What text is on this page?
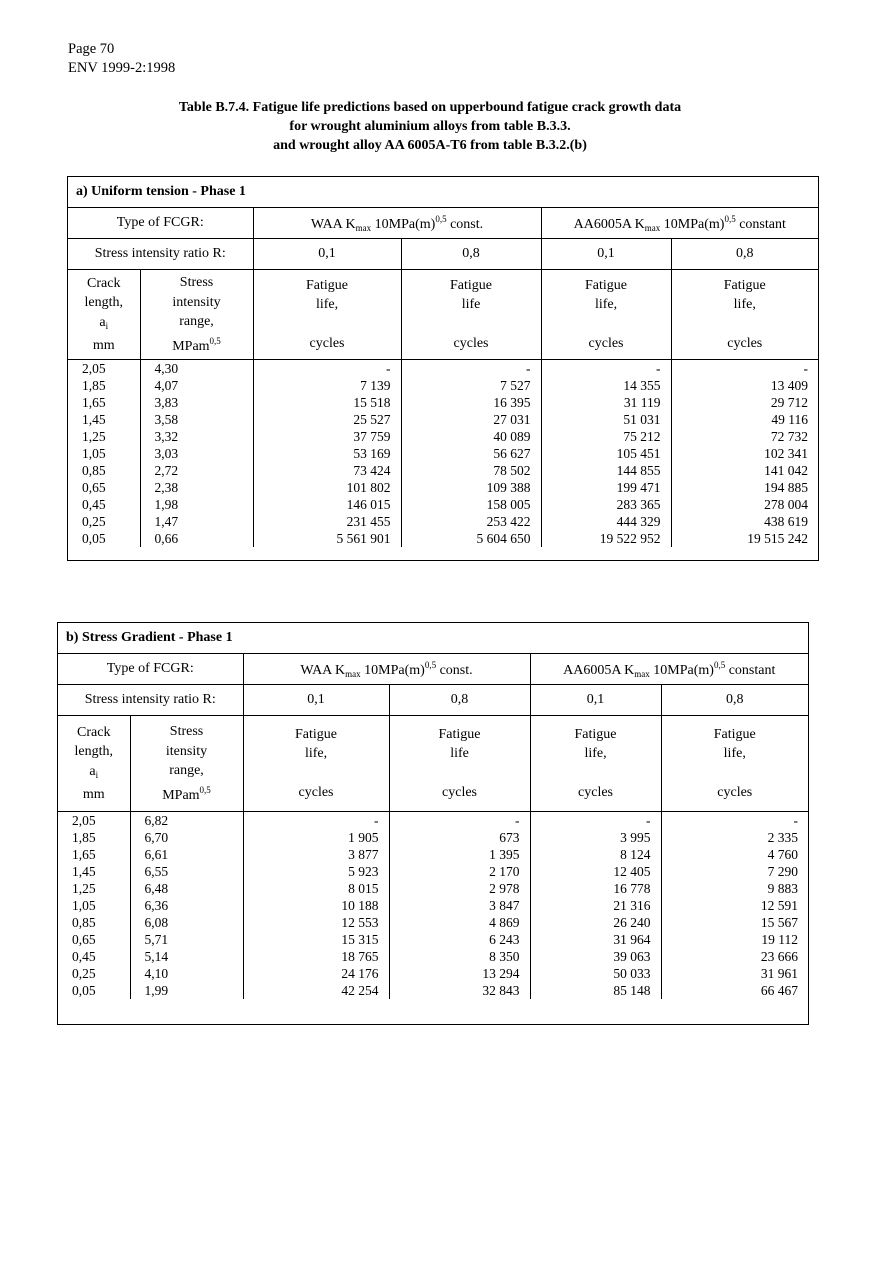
Page 70
ENV 1999-2:1998
Table B.7.4. Fatigue life predictions based on upperbound fatigue crack growth data
for wrought aluminium alloys from table B.3.3.
and wrought alloy AA 6005A-T6 from table B.3.2.(b)
a) Uniform tension - Phase 1
Type of FCGR:		WAA $K_{max}$ $10MPa(m)^{0,5}$ const.		AA6005A $K_{max}$ $10MPa(m)^{0,5}$ constant	
Stress intensity ratio R:		0,1	0,8	0,1	0,8

Crack
length,
$a_i$
mm	Stress
intensity
range,
MPam$^{0,5}$	Fatigue
life,

cycles	Fatigue
life

cycles	Fatigue
life,

cycles	Fatigue
life,

cycles

2,05	4,30	-	-	-	-
1,85	4,07	7 139	7 527	14 355	13 409
1,65	3,83	15 518	16 395	31 119	29 712
1,45	3,58	25 527	27 031	51 031	49 116
1,25	3,32	37 759	40 089	75 212	72 732
1,05	3,03	53 169	56 627	105 451	102 341
0,85	2,72	73 424	78 502	144 855	141 042
0,65	2,38	101 802	109 388	199 471	194 885
0,45	1,98	146 015	158 005	283 365	278 004
0,25	1,47	231 455	253 422	444 329	438 619
0,05	0,66	5 561 901	5 604 650	19 522 952	19 515 242
b) Stress Gradient - Phase 1
Type of FCGR:		WAA $K_{max}$ $10MPa(m)^{0,5}$ const.		AA6005A $K_{max}$ $10MPa(m)^{0,5}$ constant	
Stress intensity ratio R:		0,1	0,8	0,1	0,8

Crack
length,
$a_i$
mm	Stress
itensity
range,
MPam$^{0,5}$	Fatigue
life,

cycles	Fatigue
life

cycles	Fatigue
life,

cycles	Fatigue
life,

cycles

2,05	6,82	-	-	-	-
1,85	6,70	1 905	673	3 995	2 335
1,65	6,61	3 877	1 395	8 124	4 760
1,45	6,55	5 923	2 170	12 405	7 290
1,25	6,48	8 015	2 978	16 778	9 883
1,05	6,36	10 188	3 847	21 316	12 591
0,85	6,08	12 553	4 869	26 240	15 567
0,65	5,71	15 315	6 243	31 964	19 112
0,45	5,14	18 765	8 350	39 063	23 666
0,25	4,10	24 176	13 294	50 033	31 961
0,05	1,99	42 254	32 843	85 148	66 467
